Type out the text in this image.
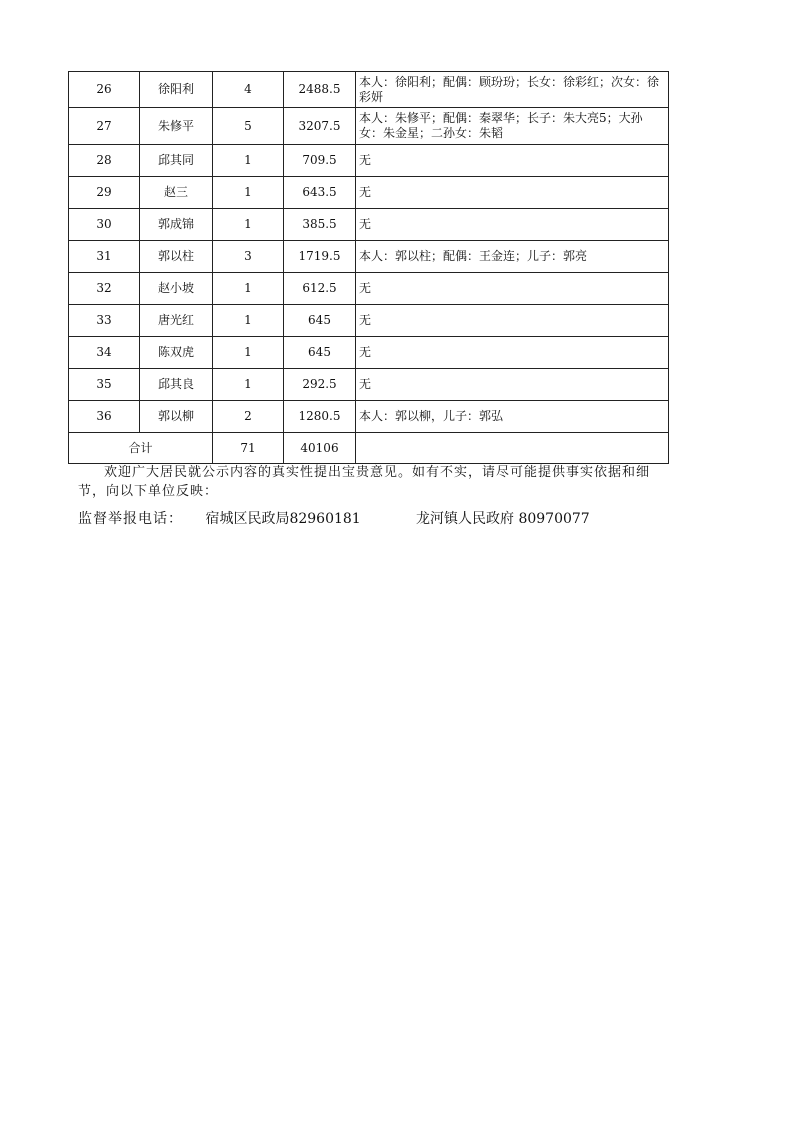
26	徐阳利	4	2488.5	本人：徐阳利；配偶：顾玢玢；长女：徐彩红；次女：徐彩妍
27	朱修平	5	3207.5	本人：朱修平；配偶：秦翠华；长子：朱大亮5；大孙女：朱金星；二孙女：朱韬
28	邱其同	1	709.5	无
29	赵三	1	643.5	无
30	郭成锦	1	385.5	无
31	郭以柱	3	1719.5	本人：郭以柱；配偶：王金连；儿子：郭亮
32	赵小坡	1	612.5	无
33	唐光红	1	645	无
34	陈双虎	1	645	无
35	邱其良	1	292.5	无
36	郭以柳	2	1280.5	本人：郭以柳，儿子：郭弘
合计		71	40106	
欢迎广大居民就公示内容的真实性提出宝贵意见。如有不实，请尽可能提供事实依据和细节，向以下单位反映：
监督举报电话： 宿城区民政局82960181	龙河镇人民政府 80970077
